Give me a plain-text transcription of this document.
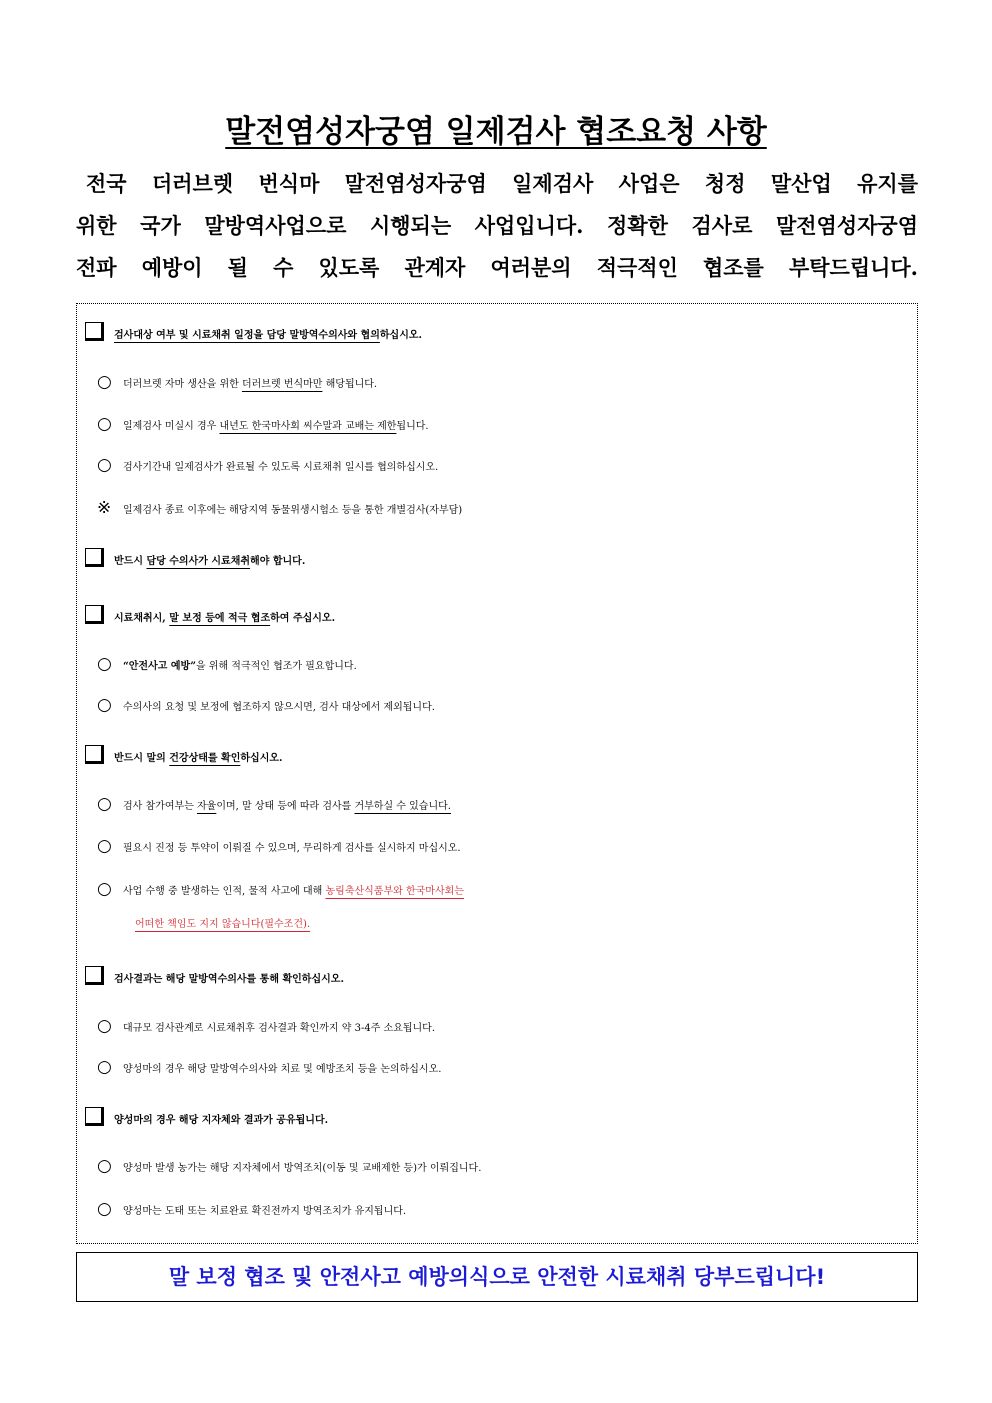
말전염성자궁염 일제검사 협조요청 사항
전국 더러브렛 번식마 말전염성자궁염 일제검사 사업은 청정 말산업 유지를
위한 국가 말방역사업으로 시행되는 사업입니다. 정확한 검사로 말전염성자궁염
전파 예방이 될 수 있도록 관계자 여러분의 적극적인 협조를 부탁드립니다.
검사대상 여부 및 시료채취 일정을 담당 말방역수의사와 협의하십시오.
○ 더러브렛 자마 생산을 위한 더러브렛 번식마만 해당됩니다.
○ 일제검사 미실시 경우 내년도 한국마사회 씨수말과 교배는 제한됩니다.
○ 검사기간내 일제검사가 완료될 수 있도록 시료채취 일시를 협의하십시오.
※ 일제검사 종료 이후에는 해당지역 동물위생시험소 등을 통한 개별검사(자부담)
반드시 담당 수의사가 시료채취해야 합니다.
시료채취시, 말 보정 등에 적극 협조하여 주십시오.
○ “안전사고 예방”을 위해 적극적인 협조가 필요합니다.
○ 수의사의 요청 및 보정에 협조하지 않으시면, 검사 대상에서 제외됩니다.
반드시 말의 건강상태를 확인하십시오.
○ 검사 참가여부는 자율이며, 말 상태 등에 따라 검사를 거부하실 수 있습니다.
○ 필요시 진정 등 투약이 이뤄질 수 있으며, 무리하게 검사를 실시하지 마십시오.
○ 사업 수행 중 발생하는 인적, 물적 사고에 대해 농림축산식품부와 한국마사회는
어떠한 책임도 지지 않습니다(필수조건).
검사결과는 해당 말방역수의사를 통해 확인하십시오.
○ 대규모 검사관계로 시료채취후 검사결과 확인까지 약 3-4주 소요됩니다.
○ 양성마의 경우 해당 말방역수의사와 치료 및 예방조치 등을 논의하십시오.
양성마의 경우 해당 지자체와 결과가 공유됩니다.
○ 양성마 발생 농가는 해당 지자체에서 방역조치(이동 및 교배제한 등)가 이뤄집니다.
○ 양성마는 도태 또는 치료완료 확진전까지 방역조치가 유지됩니다.
말 보정 협조 및 안전사고 예방의식으로 안전한 시료채취 당부드립니다!
